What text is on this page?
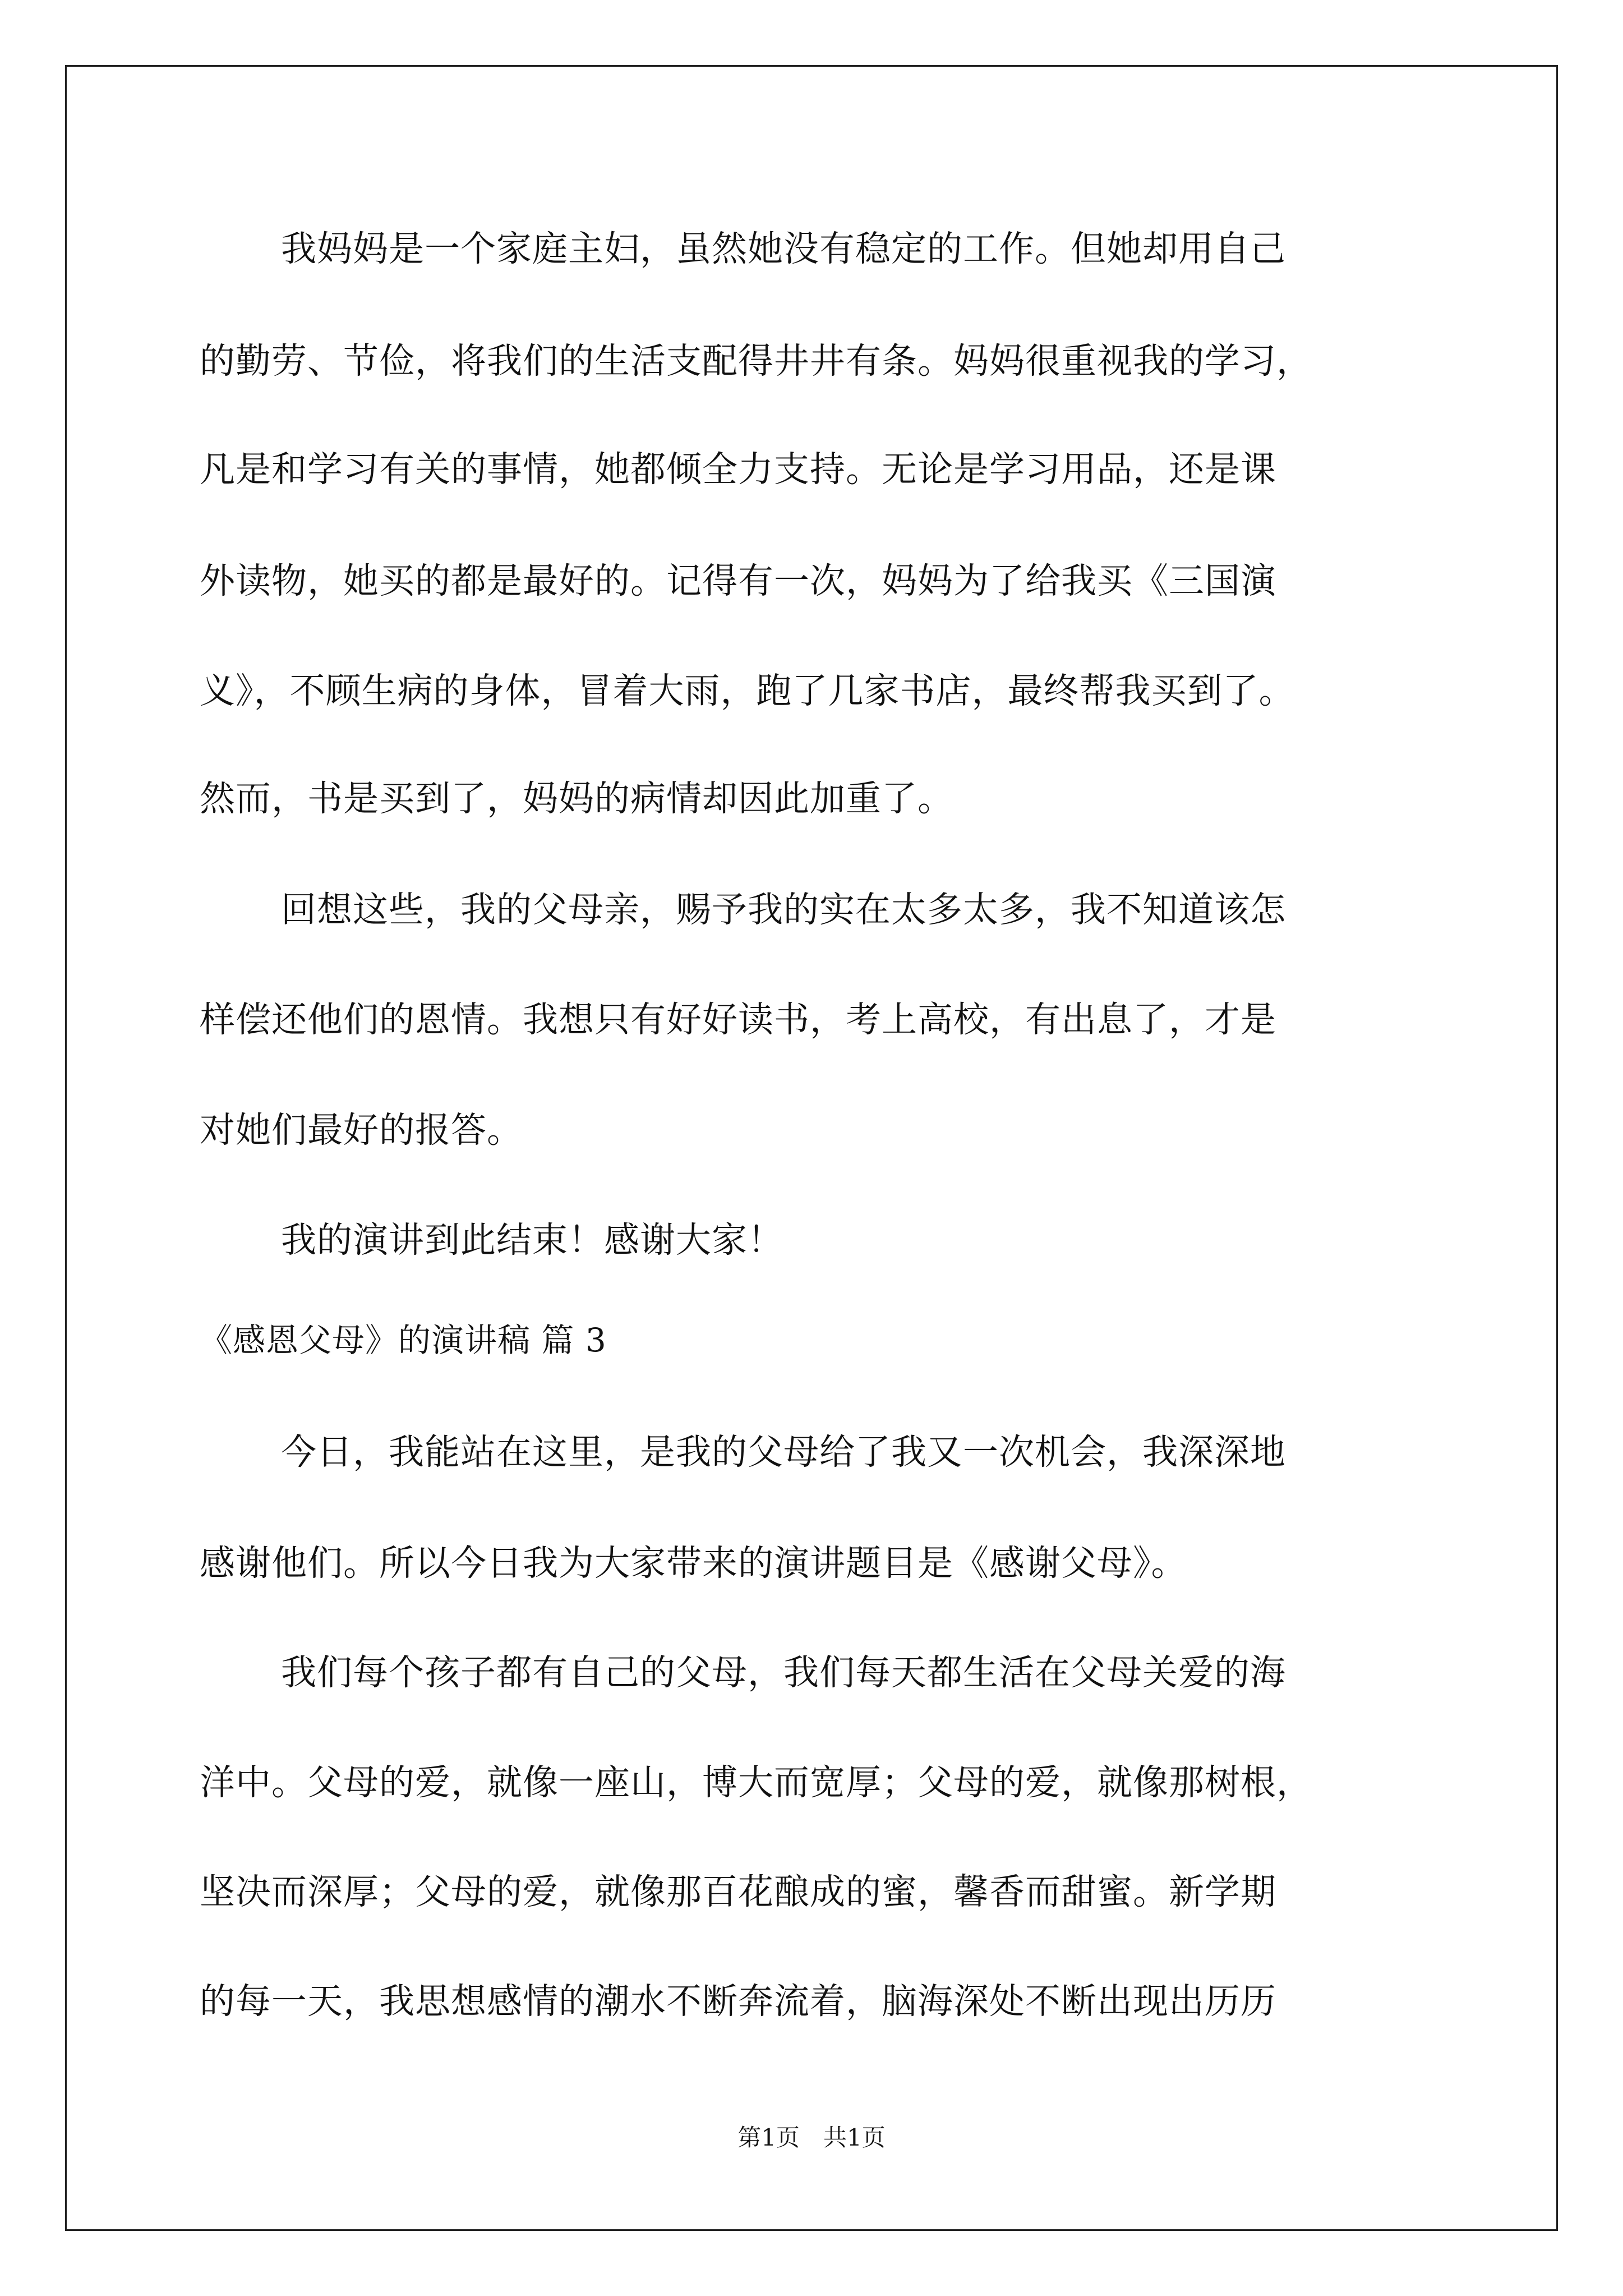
我妈妈是一个家庭主妇，虽然她没有稳定的工作。但她却用自己

的勤劳、节俭，将我们的生活支配得井井有条。妈妈很重视我的学习，

凡是和学习有关的事情，她都倾全力支持。无论是学习用品，还是课

外读物，她买的都是最好的。记得有一次，妈妈为了给我买《三国演

义》，不顾生病的身体，冒着大雨，跑了几家书店，最终帮我买到了。

然而，书是买到了，妈妈的病情却因此加重了。

回想这些，我的父母亲，赐予我的实在太多太多，我不知道该怎

样偿还他们的恩情。我想只有好好读书，考上高校，有出息了，才是

对她们最好的报答。

我的演讲到此结束！感谢大家！

《感恩父母》的演讲稿 篇 3

今日，我能站在这里，是我的父母给了我又一次机会，我深深地

感谢他们。所以今日我为大家带来的演讲题目是《感谢父母》。

我们每个孩子都有自己的父母，我们每天都生活在父母关爱的海

洋中。父母的爱，就像一座山，博大而宽厚；父母的爱，就像那树根，

坚决而深厚；父母的爱，就像那百花酿成的蜜，馨香而甜蜜。新学期

的每一天，我思想感情的潮水不断奔流着，脑海深处不断出现出历历

第1页　共1页
